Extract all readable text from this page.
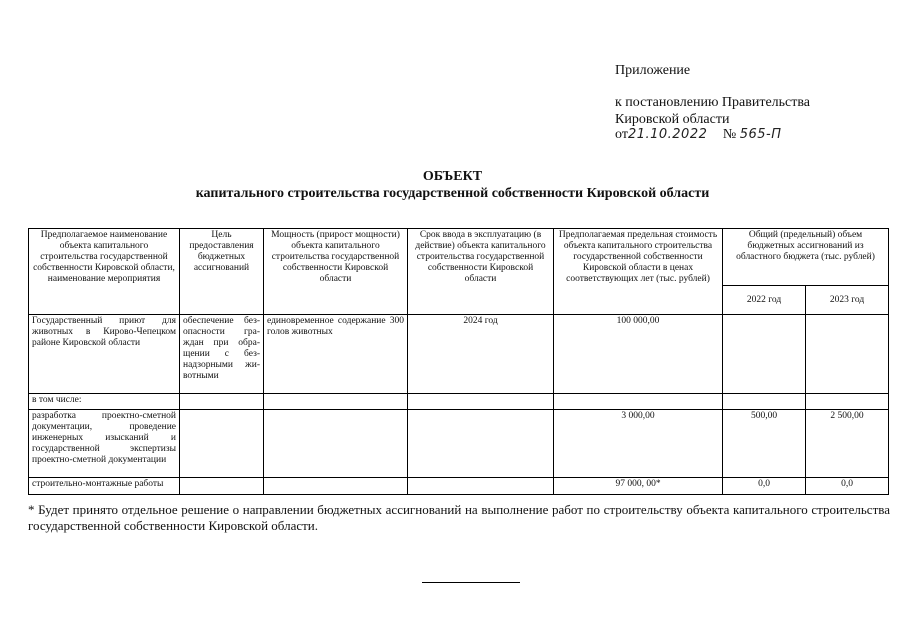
Приложение
к постановлению Правительства
Кировской области
от21.10.2022 № 565-П
ОБЪЕКТ
капитального строительства государственной собственности Кировской области
Предполагаемое наименование объекта капитального строительства государственной собственности Кировской области, наименование мероприятия	Цель предоставления бюджетных ассигнований	Мощность (прирост мощности) объекта капитального строительства государственной собственности Кировской области	Срок ввода в эксплуатацию (в действие) объекта капитального строительства государственной собственности Кировской области	Предполагаемая предельная стоимость объекта капитального строительства государственной собственности Кировской области в ценах соответствующих лет (тыс. рублей)	Общий (предельный) объем бюджетных ассигнований из областного бюджета (тыс. рублей)	
					2022 год	2023 год
Государственный приют для животных в Кирово-Чепецком районе Кировской области	обеспечение без-опасности гра-ждан при обра-щении с без-надзорными жи-вотными	единовременное содержание 300 голов животных	2024 год	100 000,00		
в том числе:						
разработка проектно-сметной документации, проведение инженерных изысканий и государственной экспертизы проектно-сметной документации				3 000,00	500,00	2 500,00
строительно-монтажные работы				97 000, 00*	0,0	0,0
* Будет принято отдельное решение о направлении бюджетных ассигнований на выполнение работ по строительству объекта капитального строительства государственной собственности Кировской области.
